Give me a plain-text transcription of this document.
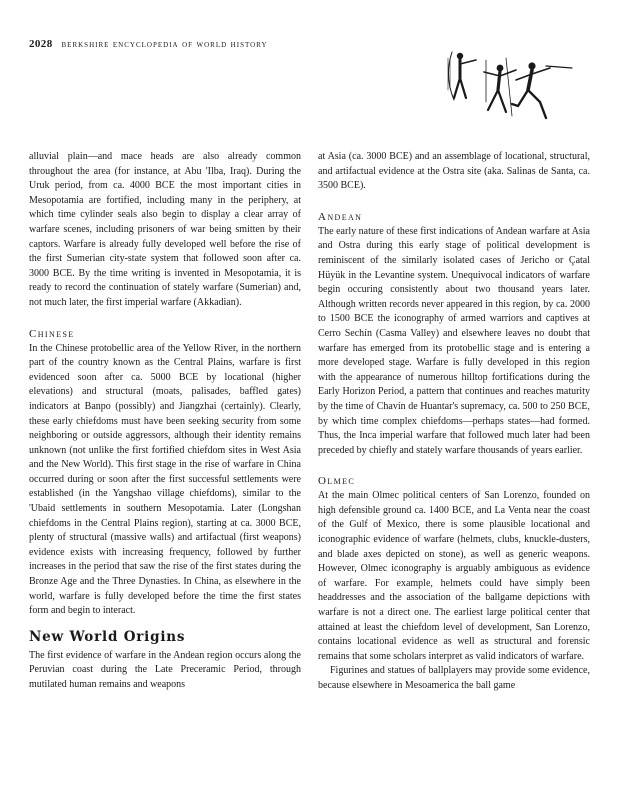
2028 berkshire encyclopedia of world history

alluvial plain—and mace heads are also already common throughout the area (for instance, at Abu 'Ilba, Iraq). During the Uruk period, from ca. 4000 BCE the most important cities in Mesopotamia are fortified, including many in the periphery, at which time cylinder seals also begin to display a clear array of warfare scenes, including prisoners of war being smitten by their captors. Warfare is already fully developed well before the rise of the first Sumerian city-state system that followed soon after ca. 3000 BCE. By the time writing is invented in Mesopotamia, it is ready to record the continuation of stately warfare (Sumerian) and, not much later, the first imperial warfare (Akkadian).

Chinese

In the Chinese protobellic area of the Yellow River, in the northern part of the country known as the Central Plains, warfare is first evidenced soon after ca. 5000 BCE by locational (higher elevations) and structural (moats, palisades, baffled gates) indicators at Banpo (possibly) and Jiangzhai (certainly). Clearly, these early chiefdoms must have been seeking security from some neighboring or outside aggressors, although their identity remains unknown (not unlike the first fortified chiefdom sites in West Asia and the New World). This first stage in the rise of warfare in China occurred during or soon after the first successful settlements were established (in the Yangshao village chiefdoms), similar to the 'Ubaid settlements in southern Mesopotamia. Later (Longshan chiefdoms in the Central Plains region), starting at ca. 3000 BCE, plenty of structural (massive walls) and artifactual (first weapons) evidence exists with increasing frequency, followed by further increases in the period that saw the rise of the first states during the Bronze Age and the Three Dynasties. In China, as elsewhere in the world, warfare is fully developed before the time the first states form and begin to interact.

New World Origins

The first evidence of warfare in the Andean region occurs along the Peruvian coast during the Late Preceramic Period, through mutilated human remains and weapons

at Asia (ca. 3000 BCE) and an assemblage of locational, structural, and artifactual evidence at the Ostra site (aka. Salinas de Santa, ca. 3500 BCE).

Andean

The early nature of these first indications of Andean warfare at Asia and Ostra during this early stage of political development is reminiscent of the similarly isolated cases of Jericho or Çatal Hüyük in the Levantine system. Unequivocal indicators of warfare begin occuring consistently about two thousand years later. Although written records never appeared in this region, by ca. 2000 to 1500 BCE the iconography of armed warriors and captives at Cerro Sechín (Casma Valley) and elsewhere leaves no doubt that warfare has emerged from its protobellic stage and is entering a more developed stage. Warfare is fully developed in this region with the appearance of numerous hilltop fortifications during the Early Horizon Period, a pattern that continues and reaches maturity by the time of Chavín de Huantar's supremacy, ca. 500 to 250 BCE, by which time complex chiefdoms—perhaps states—had formed. Thus, the Inca imperial warfare that followed much later had been preceded by chiefly and stately warfare thousands of years earlier.

Olmec

At the main Olmec political centers of San Lorenzo, founded on high defensible ground ca. 1400 BCE, and La Venta near the coast of the Gulf of Mexico, there is some plausible locational and iconographic evidence of warfare (helmets, clubs, knuckle-dusters, and blade axes depicted on stone), as well as generic weapons. However, Olmec iconography is arguably ambiguous as evidence of warfare. For example, helmets could have simply been headdresses and the association of the ballgame depictions with warfare is not a direct one. The earliest large political center that attained at least the chiefdom level of development, San Lorenzo, contains locational evidence as well as structural and forensic remains that some scholars interpret as valid indicators of warfare.

Figurines and statues of ballplayers may provide some evidence, because elsewhere in Mesoamerica the ball game
